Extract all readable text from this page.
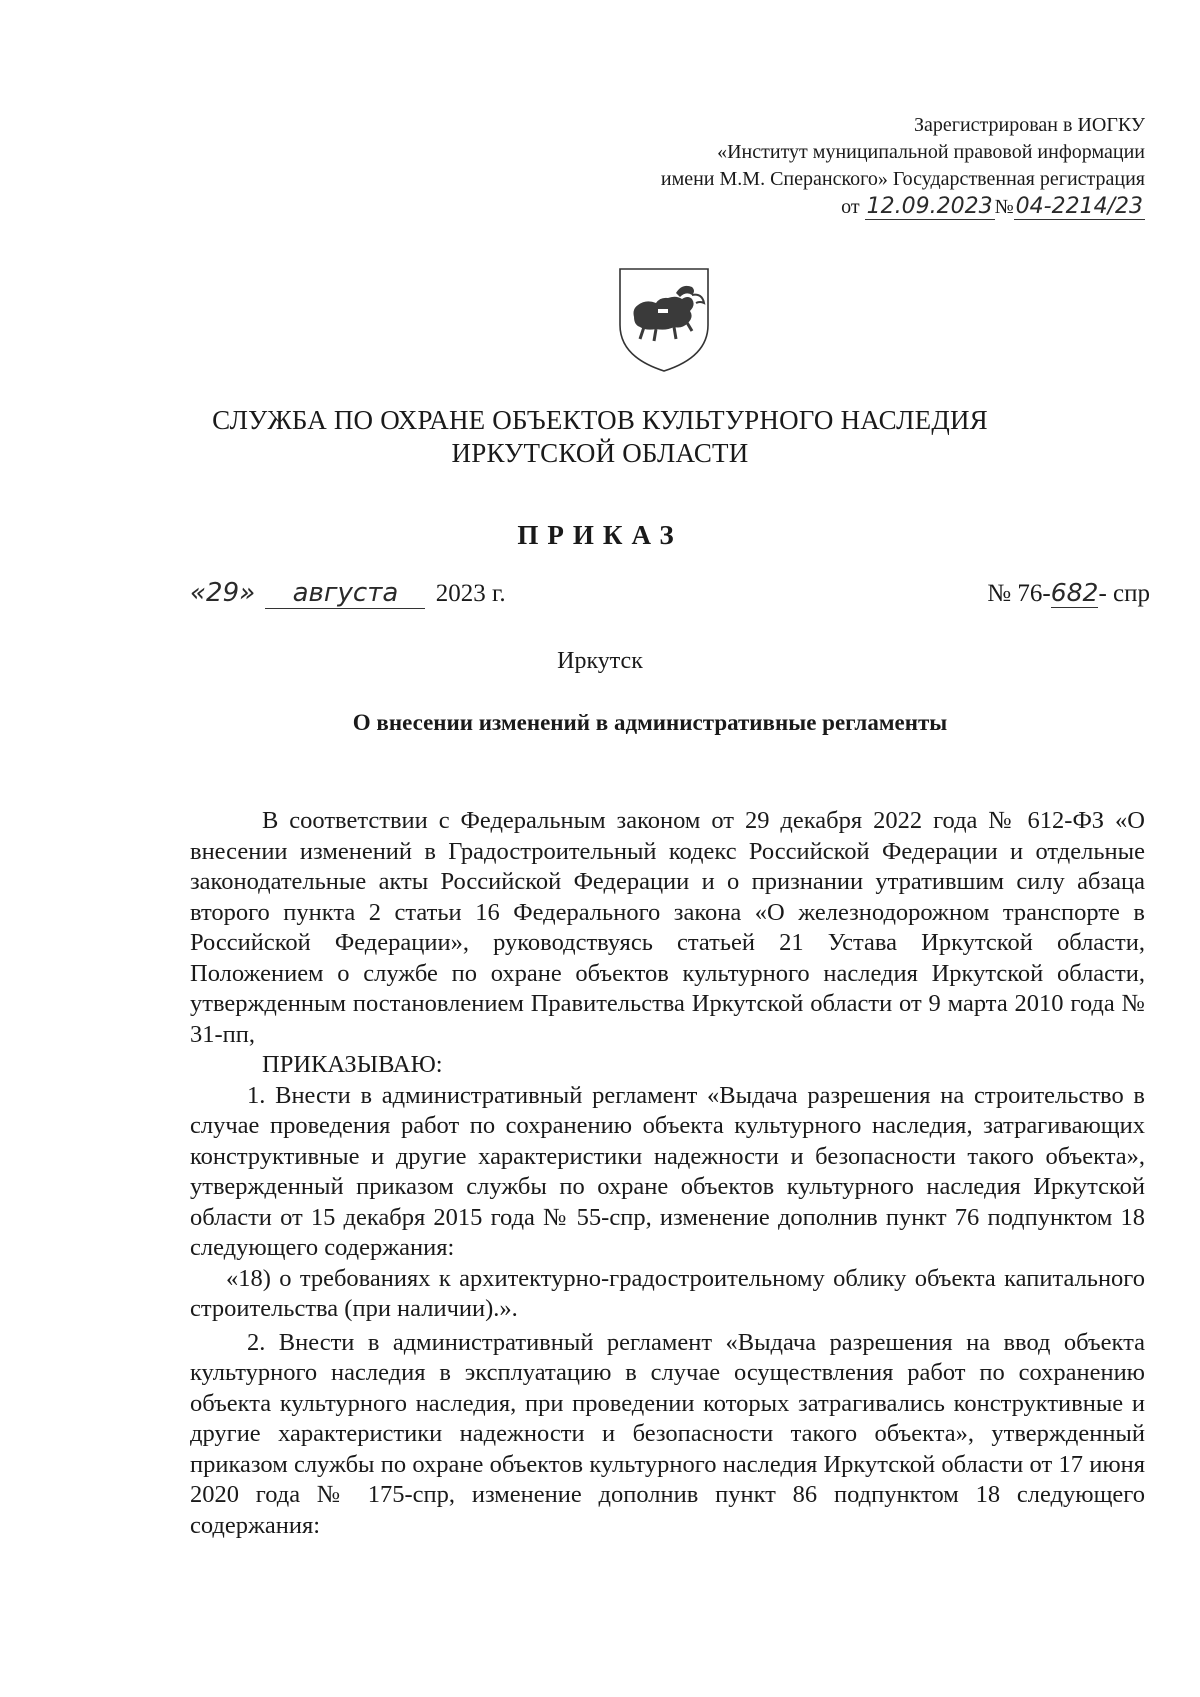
Зарегистрирован в ИОГКУ
«Институт муниципальной правовой информации
имени М.М. Сперанского» Государственная регистрация
от 12.09.2023 №04-2214/23
СЛУЖБА ПО ОХРАНЕ ОБЪЕКТОВ КУЛЬТУРНОГО НАСЛЕДИЯ
ИРКУТСКОЙ ОБЛАСТИ
ПРИКАЗ
«29» августа 2023 г.	№ 76-682- спр
Иркутск
О внесении изменений в административные регламенты

В соответствии с Федеральным законом от 29 декабря 2022 года № 612-ФЗ «О внесении изменений в Градостроительный кодекс Российской Федерации и отдельные законодательные акты Российской Федерации и о признании утратившим силу абзаца второго пункта 2 статьи 16 Федерального закона «О железнодорожном транспорте в Российской Федерации», руководствуясь статьей 21 Устава Иркутской области, Положением о службе по охране объектов культурного наследия Иркутской области, утвержденным постановлением Правительства Иркутской области от 9 марта 2010 года № 31-пп,

ПРИКАЗЫВАЮ:

1. Внести в административный регламент «Выдача разрешения на строительство в случае проведения работ по сохранению объекта культурного наследия, затрагивающих конструктивные и другие характеристики надежности и безопасности такого объекта», утвержденный приказом службы по охране объектов культурного наследия Иркутской области от 15 декабря 2015 года № 55-спр, изменение дополнив пункт 76 подпунктом 18 следующего содержания:

«18) о требованиях к архитектурно-градостроительному облику объекта капитального строительства (при наличии).».

2. Внести в административный регламент «Выдача разрешения на ввод объекта культурного наследия в эксплуатацию в случае осуществления работ по сохранению объекта культурного наследия, при проведении которых затрагивались конструктивные и другие характеристики надежности и безопасности такого объекта», утвержденный приказом службы по охране объектов культурного наследия Иркутской области от 17 июня 2020 года № 175-спр, изменение дополнив пункт 86 подпунктом 18 следующего содержания:
